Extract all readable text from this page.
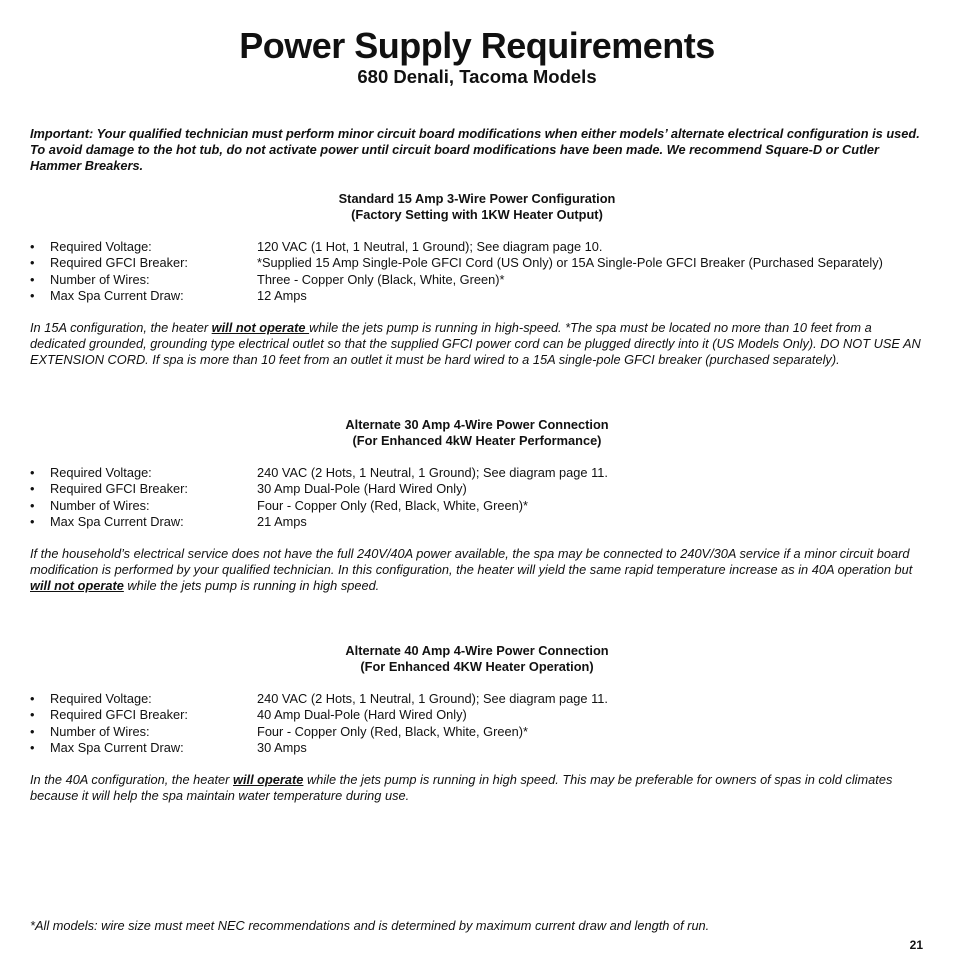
Power Supply Requirements
680 Denali, Tacoma Models
Important: Your qualified technician must perform minor circuit board modifications when either models’ alternate electrical configuration is used. To avoid damage to the hot tub, do not activate power until circuit board modifications have been made. We recommend Square-D or Cutler Hammer Breakers.
Standard 15 Amp 3-Wire Power Configuration
(Factory Setting with 1KW Heater Output)
• Required Voltage:	120 VAC (1 Hot, 1 Neutral, 1 Ground); See diagram page 10.
• Required GFCI Breaker:	*Supplied 15 Amp Single-Pole GFCI Cord (US Only) or 15A Single-Pole GFCI Breaker (Purchased Separately)
• Number of Wires:	Three - Copper Only (Black, White, Green)*
• Max Spa Current Draw:	12 Amps
In 15A configuration, the heater will not operate while the jets pump is running in high-speed. *The spa must be located no more than 10 feet from a dedicated grounded, grounding type electrical outlet so that the supplied GFCI power cord can be plugged directly into it (US Models Only). DO NOT USE AN EXTENSION CORD. If spa is more than 10 feet from an outlet it must be hard wired to a 15A single-pole GFCI breaker (purchased separately).
Alternate 30 Amp 4-Wire Power Connection
(For Enhanced 4kW Heater Performance)
• Required Voltage:	240 VAC (2 Hots, 1 Neutral, 1 Ground); See diagram page 11.
• Required GFCI Breaker:	30 Amp Dual-Pole (Hard Wired Only)
• Number of Wires:	Four - Copper Only (Red, Black, White, Green)*
• Max Spa Current Draw:	21 Amps
If the household’s electrical service does not have the full 240V/40A power available, the spa may be connected to 240V/30A service if a minor circuit board modification is performed by your qualified technician. In this configuration, the heater will yield the same rapid temperature increase as in 40A operation but will not operate while the jets pump is running in high speed.
Alternate 40 Amp 4-Wire Power Connection
(For Enhanced 4KW Heater Operation)
• Required Voltage:	240 VAC (2 Hots, 1 Neutral, 1 Ground); See diagram page 11.
• Required GFCI Breaker:	40 Amp Dual-Pole (Hard Wired Only)
• Number of Wires:	Four - Copper Only (Red, Black, White, Green)*
• Max Spa Current Draw:	30 Amps
In the 40A configuration, the heater will operate while the jets pump is running in high speed. This may be preferable for owners of spas in cold climates because it will help the spa maintain water temperature during use.
*All models: wire size must meet NEC recommendations and is determined by maximum current draw and length of run.
21
